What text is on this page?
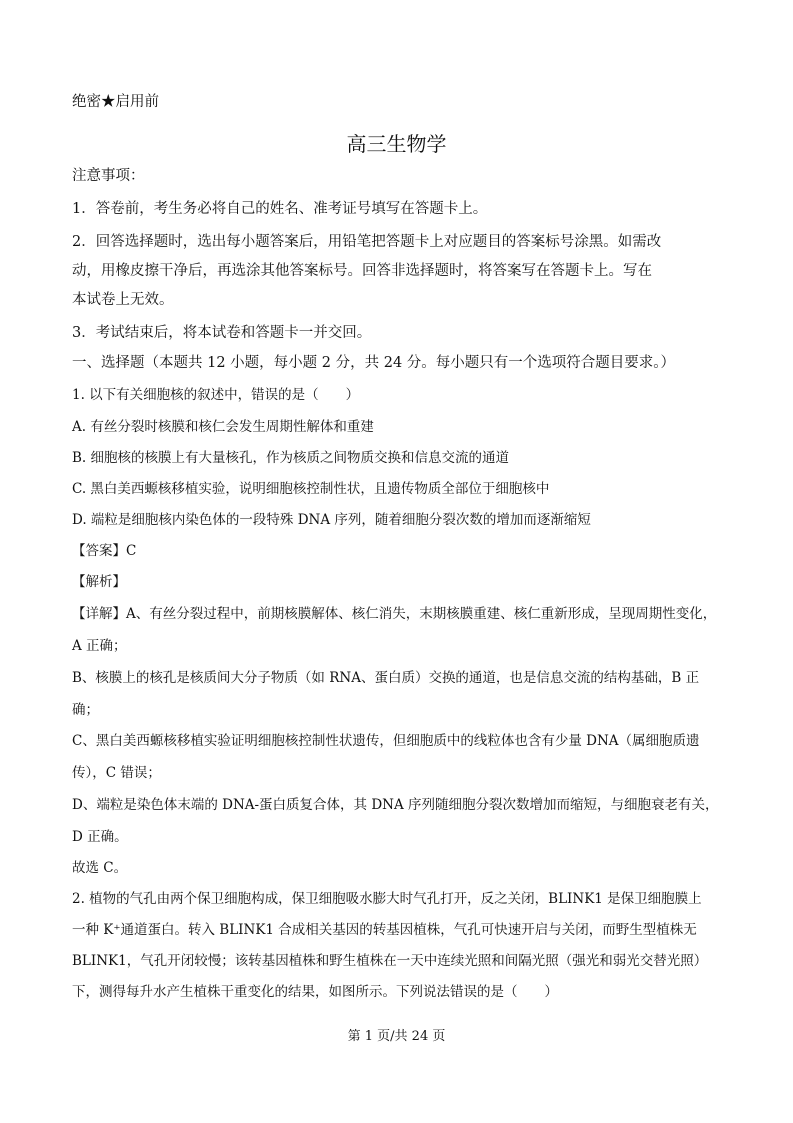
绝密★启用前
高三生物学
注意事项：
1．答卷前，考生务必将自己的姓名、准考证号填写在答题卡上。
2．回答选择题时，选出每小题答案后，用铅笔把答题卡上对应题目的答案标号涂黑。如需改
动，用橡皮擦干净后，再选涂其他答案标号。回答非选择题时，将答案写在答题卡上。写在
本试卷上无效。
3．考试结束后，将本试卷和答题卡一并交回。
一、选择题（本题共 12 小题，每小题 2 分，共 24 分。每小题只有一个选项符合题目要求。）
1. 以下有关细胞核的叙述中，错误的是（　　）
A. 有丝分裂时核膜和核仁会发生周期性解体和重建
B. 细胞核的核膜上有大量核孔，作为核质之间物质交换和信息交流的通道
C. 黑白美西螈核移植实验，说明细胞核控制性状，且遗传物质全部位于细胞核中
D. 端粒是细胞核内染色体的一段特殊 DNA 序列，随着细胞分裂次数的增加而逐渐缩短
【答案】C
【解析】
【详解】A、有丝分裂过程中，前期核膜解体、核仁消失，末期核膜重建、核仁重新形成，呈现周期性变化，
A 正确；
B、核膜上的核孔是核质间大分子物质（如 RNA、蛋白质）交换的通道，也是信息交流的结构基础，B 正
确；
C、黑白美西螈核移植实验证明细胞核控制性状遗传，但细胞质中的线粒体也含有少量 DNA（属细胞质遗
传），C 错误；
D、端粒是染色体末端的 DNA-蛋白质复合体，其 DNA 序列随细胞分裂次数增加而缩短，与细胞衰老有关，
D 正确。
故选 C。
2. 植物的气孔由两个保卫细胞构成，保卫细胞吸水膨大时气孔打开，反之关闭，BLINK1 是保卫细胞膜上
一种 K⁺通道蛋白。转入 BLINK1 合成相关基因的转基因植株，气孔可快速开启与关闭，而野生型植株无
BLINK1，气孔开闭较慢；该转基因植株和野生植株在一天中连续光照和间隔光照（强光和弱光交替光照）
下，测得每升水产生植株干重变化的结果，如图所示。下列说法错误的是（　　）
第 1 页/共 24 页
